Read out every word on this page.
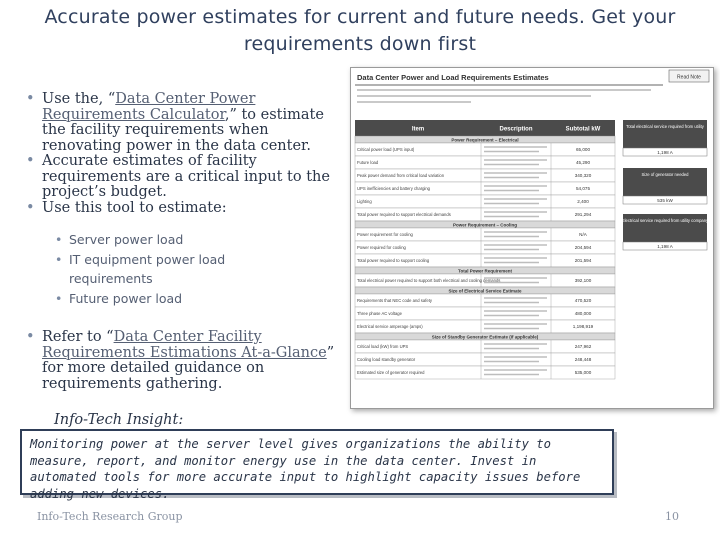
Accurate power estimates for current and future needs. Get your requirements down first

• Use the, “Data Center Power Requirements Calculator,” to estimate the facility requirements when renovating power in the data center.

• Accurate estimates of facility requirements are a critical input to the project’s budget.

• Use this tool to estimate:

• Server power load
• IT equipment power load requirements
• Future power load

• Refer to “Data Center Facility Requirements Estimations At-a-Glance” for more detailed guidance on requirements gathering.

Data Center Power and Load Requirements Estimates	Read Note
Item	Description	Subtotal kW
Power Requirement – Electrical
Critical power load (UPS input)	65,000
Future load	45,290
Peak power demand from critical load variation	340,320
UPS inefficiencies and battery charging	54,075
Lighting	2,400
Total power required to support electrical demands	291,294
Power Requirement – Cooling
Power requirement for cooling	N/A
Power required for cooling	204,594
Total power required to support cooling	201,594
Total Power Requirement
Total electrical power required to support both electrical and cooling demands	392,100
Size of Electrical Service Estimate
Requirements that NEC code and safety	470,520
Three phase AC voltage	480,000
Electrical service amperage (amps)	1,198,919
Size of Standby Generator Estimate (if applicable)
Critical load (kW) from UPS	247,962
Cooling load standby generator	248,448
Estimated size of generator required	535,000
Total electrical service required from utility
1,198 A
Size of generator needed
535 kW
Electrical service required from utility company
1,198 A
Info-Tech Insight:
Monitoring power at the server level gives organizations the ability to measure, report, and monitor energy use in the data center. Invest in automated tools for more accurate input to highlight capacity issues before adding new devices.
Info-Tech Research Group	10
